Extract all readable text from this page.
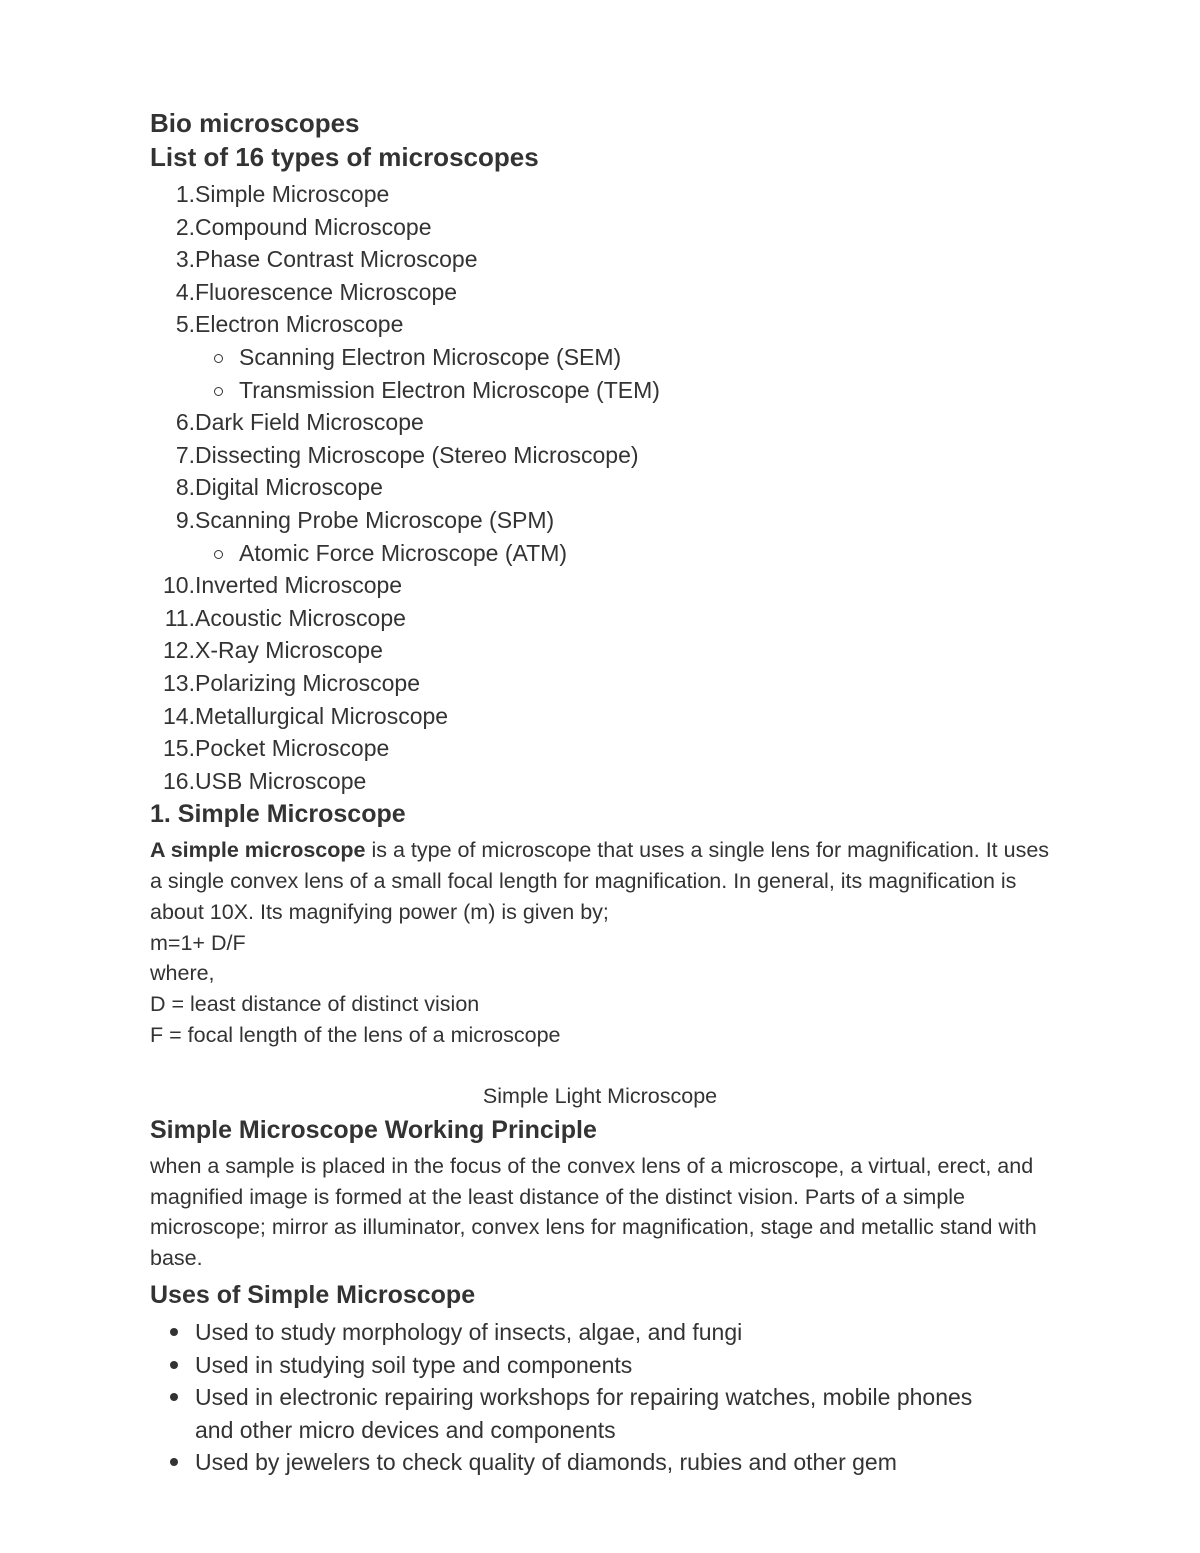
Bio microscopes

List of 16 types of microscopes

1. Simple Microscope
2. Compound Microscope
3. Phase Contrast Microscope
4. Fluorescence Microscope
5. Electron Microscope
Scanning Electron Microscope (SEM)
Transmission Electron Microscope (TEM)
6. Dark Field Microscope
7. Dissecting Microscope (Stereo Microscope)
8. Digital Microscope
9. Scanning Probe Microscope (SPM)
Atomic Force Microscope (ATM)
10. Inverted Microscope
11. Acoustic Microscope
12. X-Ray Microscope
13. Polarizing Microscope
14. Metallurgical Microscope
15. Pocket Microscope
16. USB Microscope

1. Simple Microscope

A simple microscope is a type of microscope that uses a single lens for magnification. It uses a single convex lens of a small focal length for magnification. In general, its magnification is about 10X. Its magnifying power (m) is given by;

m=1+ D/F

where,

D = least distance of distinct vision

F = focal length of the lens of a microscope

Simple Light Microscope

Simple Microscope Working Principle

when a sample is placed in the focus of the convex lens of a microscope, a virtual, erect, and magnified image is formed at the least distance of the distinct vision. Parts of a simple microscope; mirror as illuminator, convex lens for magnification, stage and metallic stand with base.

Uses of Simple Microscope

Used to study morphology of insects, algae, and fungi
Used in studying soil type and components
Used in electronic repairing workshops for repairing watches, mobile phones and other micro devices and components
Used by jewelers to check quality of diamonds, rubies and other gem
